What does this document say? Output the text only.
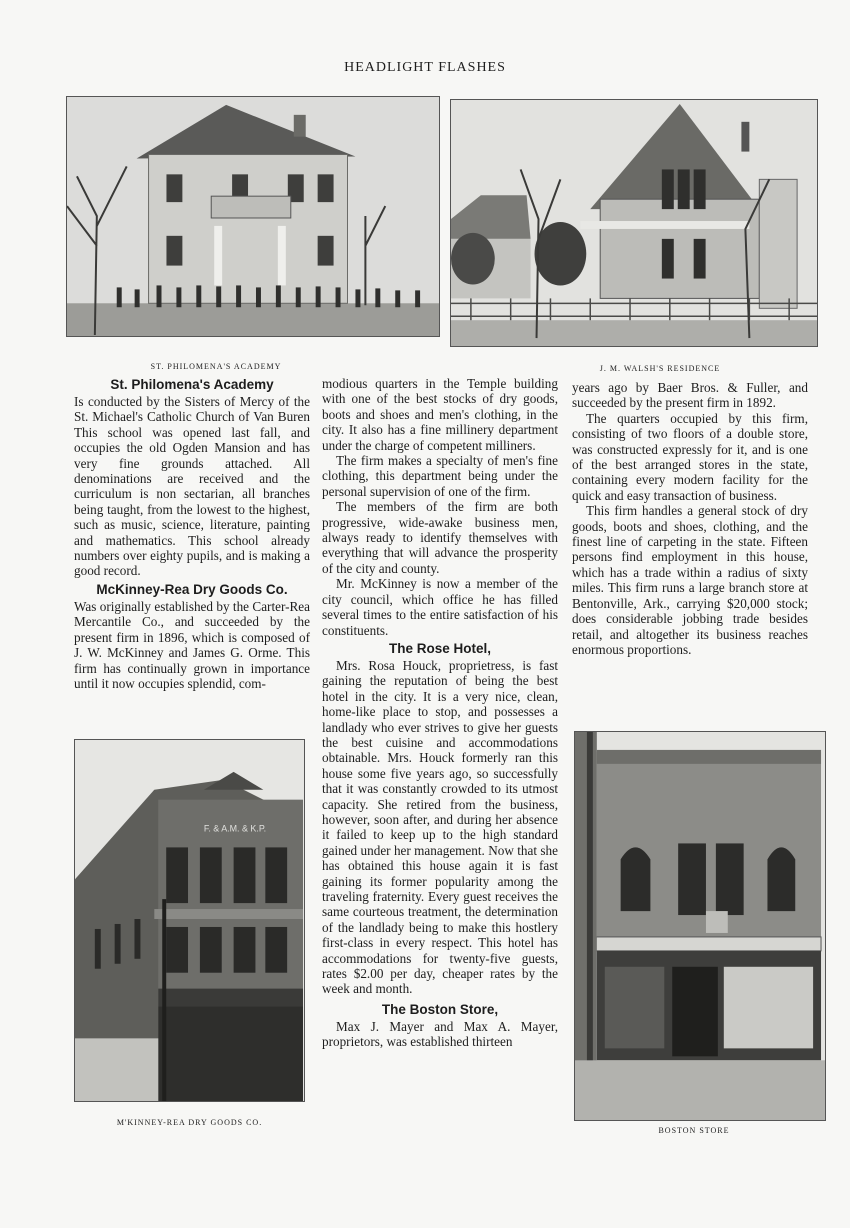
HEADLIGHT FLASHES
ST. PHILOMENA'S ACADEMY	J. M. WALSH'S RESIDENCE
St. Philomena's Academy

Is conducted by the Sisters of Mercy of the St. Michael's Catholic Church of Van Buren This school was opened last fall, and occupies the old Ogden Mansion and has very fine grounds attached. All denominations are received and the curriculum is non sectarian, all branches being taught, from the lowest to the highest, such as music, science, literature, painting and mathematics. This school already numbers over eighty pupils, and is making a good record.

McKinney-Rea Dry Goods Co.

Was originally established by the Carter-Rea Mercantile Co., and succeeded by the present firm in 1896, which is composed of J. W. McKinney and James G. Orme. This firm has continually grown in importance until it now occupies splendid, com-

F. & A.M. & K.P.
M'KINNEY-REA DRY GOODS CO.

modious quarters in the Temple building with one of the best stocks of dry goods, boots and shoes and men's clothing, in the city. It also has a fine millinery department under the charge of competent milliners.

The firm makes a specialty of men's fine clothing, this department being under the personal supervision of one of the firm.

The members of the firm are both progressive, wide-awake business men, always ready to identify themselves with everything that will advance the prosperity of the city and county.

Mr. McKinney is now a member of the city council, which office he has filled several times to the entire satisfaction of his constituents.

The Rose Hotel,

Mrs. Rosa Houck, proprietress, is fast gaining the reputation of being the best hotel in the city. It is a very nice, clean, home-like place to stop, and possesses a landlady who ever strives to give her guests the best cuisine and accommodations obtainable. Mrs. Houck formerly ran this house some five years ago, so successfully that it was constantly crowded to its utmost capacity. She retired from the business, however, soon after, and during her absence it failed to keep up to the high standard gained under her management. Now that she has obtained this house again it is fast gaining its former popularity among the traveling fraternity. Every guest receives the same courteous treatment, the determination of the landlady being to make this hostlery first-class in every respect. This hotel has accommodations for twenty-five guests, rates $2.00 per day, cheaper rates by the week and month.

The Boston Store,

Max J. Mayer and Max A. Mayer, proprietors, was established thirteen

years ago by Baer Bros. & Fuller, and succeeded by the present firm in 1892.

The quarters occupied by this firm, consisting of two floors of a double store, was constructed expressly for it, and is one of the best arranged stores in the state, containing every modern facility for the quick and easy transaction of business.

This firm handles a general stock of dry goods, boots and shoes, clothing, and the finest line of carpeting in the state. Fifteen persons find employment in this house, which has a trade within a radius of sixty miles. This firm runs a large branch store at Bentonville, Ark., carrying $20,000 stock; does considerable jobbing trade besides retail, and altogether its business reaches enormous proportions.

BOSTON STORE
